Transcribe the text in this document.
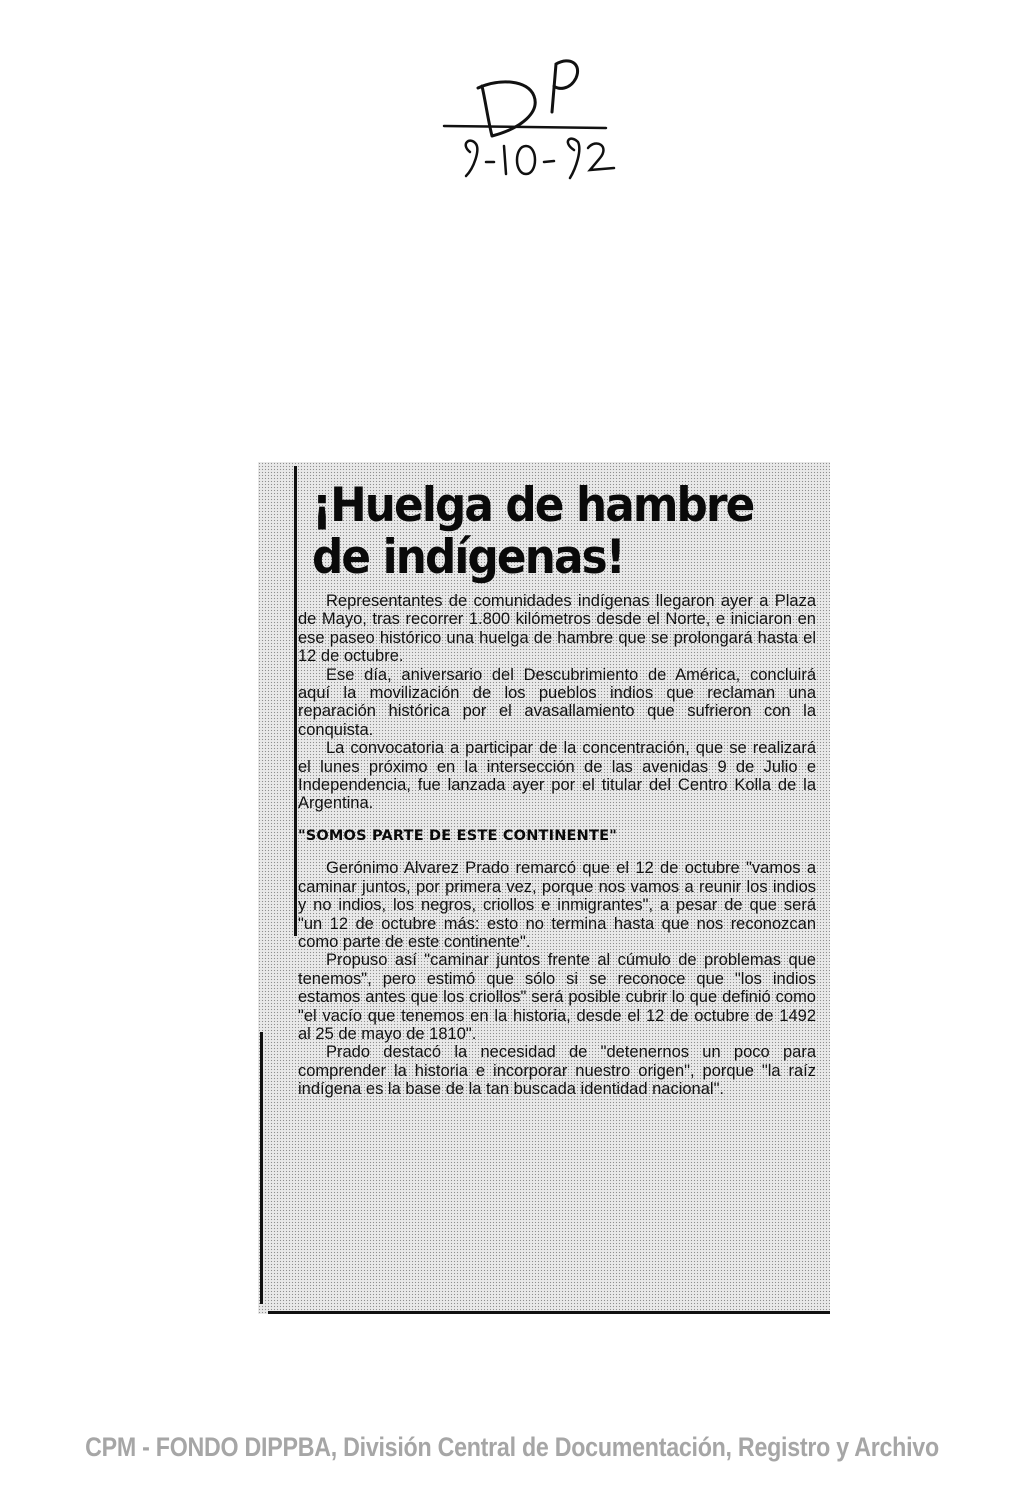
¡Huelga de hambre
de indígenas!

Representantes de comunidades indígenas llegaron ayer a Plaza de Mayo, tras recorrer 1.800 kilómetros desde el Norte, e iniciaron en ese paseo histórico una huelga de hambre que se prolongará hasta el 12 de octubre.

Ese día, aniversario del Descubrimiento de América, concluirá aquí la movilización de los pueblos indios que reclaman una reparación histórica por el avasallamiento que sufrieron con la conquista.

La convocatoria a participar de la concentración, que se realizará el lunes próximo en la intersección de las avenidas 9 de Julio e Independencia, fue lanzada ayer por el titular del Centro Kolla de la Argentina.

"SOMOS PARTE DE ESTE CONTINENTE"

Gerónimo Alvarez Prado remarcó que el 12 de octubre "vamos a caminar juntos, por primera vez, porque nos vamos a reunir los indios y no indios, los negros, criollos e inmigrantes", a pesar de que será "un 12 de octubre más: esto no termina hasta que nos reconozcan como parte de este continente".

Propuso así "caminar juntos frente al cúmulo de problemas que tenemos", pero estimó que sólo si se reconoce que "los indios estamos antes que los criollos" será posible cubrir lo que definió como "el vacío que tenemos en la historia, desde el 12 de octubre de 1492 al 25 de mayo de 1810".

Prado destacó la necesidad de "detenernos un poco para comprender la historia e incorporar nuestro origen", porque "la raíz indígena es la base de la tan buscada identidad nacional".

CPM - FONDO DIPPBA, División Central de Documentación, Registro y Archivo
